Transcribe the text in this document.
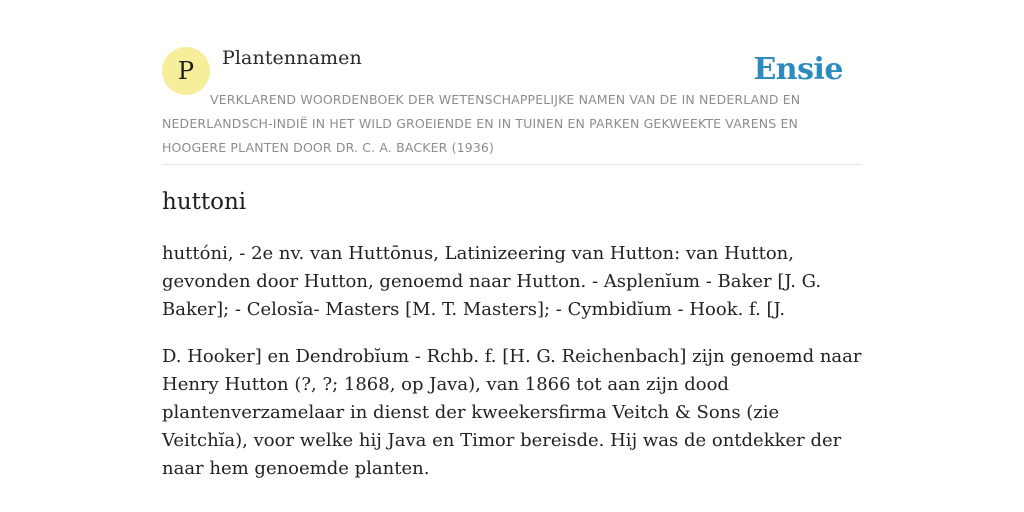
P	Plantennamen	Ensie
VERKLAREND WOORDENBOEK DER WETENSCHAPPELIJKE NAMEN VAN DE IN NEDERLAND EN NEDERLANDSCH-INDIË IN HET WILD GROEIENDE EN IN TUINEN EN PARKEN GEKWEEKTE VARENS EN HOOGERE PLANTEN DOOR DR. C. A. BACKER (1936)
huttoni

huttóni, - 2e nv. van Huttōnus, Latinizeering van Hutton: van Hutton, gevonden door Hutton, genoemd naar Hutton. - Asplenĭum - Baker [J. G. Baker]; - Celosĭa- Masters [M. T. Masters]; - Cymbidĭum - Hook. f. [J.

D. Hooker] en Dendrobĭum - Rchb. f. [H. G. Reichenbach] zijn genoemd naar Henry Hutton (?, ?; 1868, op Java), van 1866 tot aan zijn dood plantenverzamelaar in dienst der kweekersfirma Veitch & Sons (zie Veitchĭa), voor welke hij Java en Timor bereisde. Hij was de ontdekker der naar hem genoemde planten.
